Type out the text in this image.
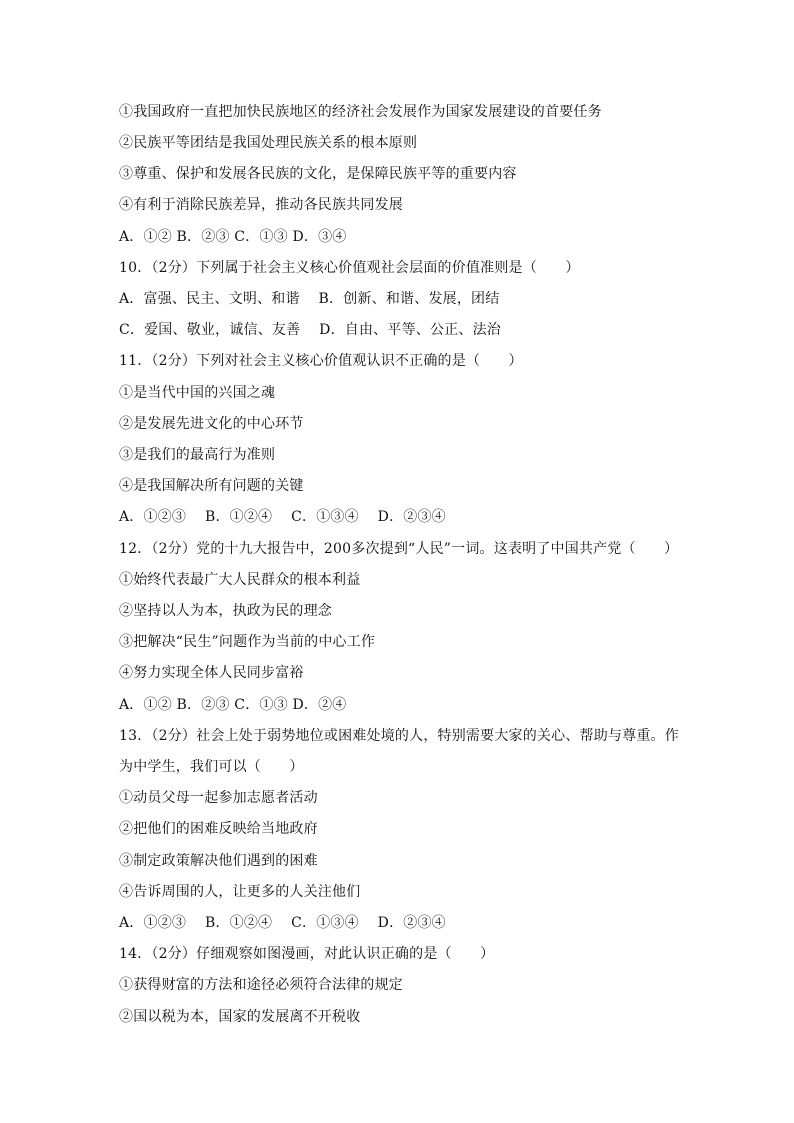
①我国政府一直把加快民族地区的经济社会发展作为国家发展建设的首要任务
②民族平等团结是我国处理民族关系的根本原则
③尊重、保护和发展各民族的文化，是保障民族平等的重要内容
④有利于消除民族差异，推动各民族共同发展
A．①② B．②③ C．①③ D．③④
10．（2分）下列属于社会主义核心价值观社会层面的价值准则是（　　）
A．富强、民主、文明、和谐　 B．创新、和谐、发展，团结
C．爱国、敬业，诚信、友善　 D．自由、平等、公正、法治
11．（2分）下列对社会主义核心价值观认识不正确的是（　　）
①是当代中国的兴国之魂
②是发展先进文化的中心环节
③是我们的最高行为准则
④是我国解决所有问题的关键
A．①②③　 B．①②④　 C．①③④　 D．②③④
12．（2分）党的十九大报告中，200多次提到“人民”一词。这表明了中国共产党（　　）
①始终代表最广大人民群众的根本利益
②坚持以人为本，执政为民的理念
③把解决“民生”问题作为当前的中心工作
④努力实现全体人民同步富裕
A．①② B．②③ C．①③ D．②④
13．（2分）社会上处于弱势地位或困难处境的人，特别需要大家的关心、帮助与尊重。作
为中学生，我们可以（　　）
①动员父母一起参加志愿者活动
②把他们的困难反映给当地政府
③制定政策解决他们遇到的困难
④告诉周围的人，让更多的人关注他们
A．①②③　 B．①②④　 C．①③④　 D．②③④
14．（2分）仔细观察如图漫画，对此认识正确的是（　　）
①获得财富的方法和途径必须符合法律的规定
②国以税为本，国家的发展离不开税收
